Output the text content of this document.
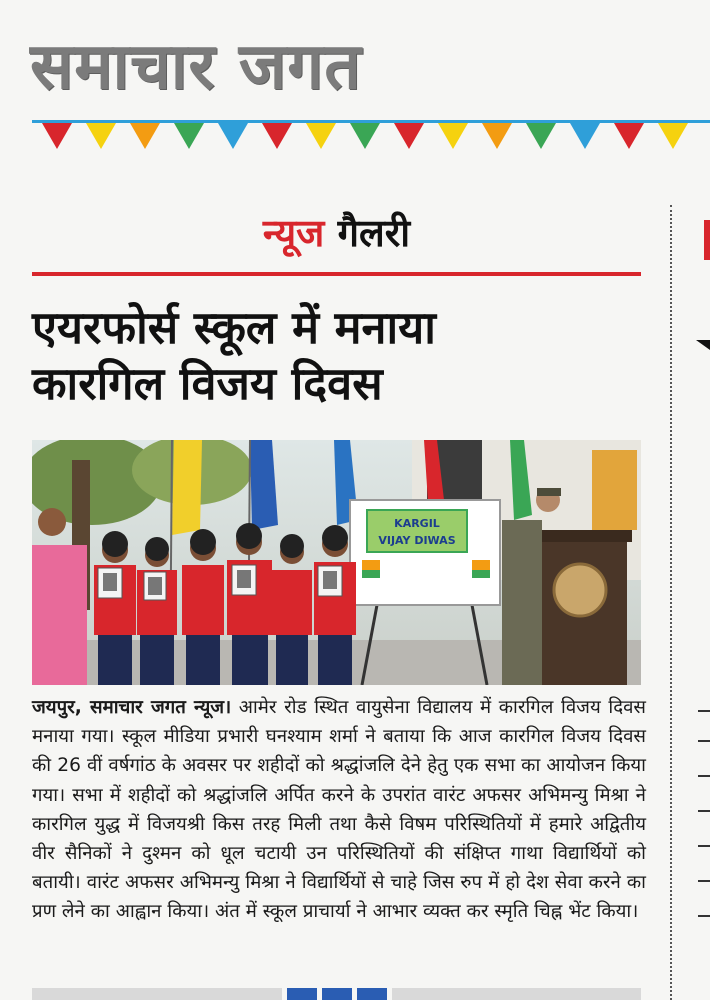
समाचार जगत
न्यूज गैलरी
एयरफोर्स स्कूल में मनाया
कारगिल विजय दिवस
KARGIL
VIJAY DIWAS
जयपुर, समाचार जगत न्यूज। आमेर रोड स्थित वायुसेना विद्यालय में कारगिल विजय दिवस मनाया गया। स्कूल मीडिया प्रभारी घनश्याम शर्मा ने बताया कि आज कारगिल विजय दिवस की 26 वीं वर्षगांठ के अवसर पर शहीदों को श्रद्धांजलि देने हेतु एक सभा का आयोजन किया गया। सभा में शहीदों को श्रद्धांजलि अर्पित करने के उपरांत वारंट अफसर अभिमन्यु मिश्रा ने कारगिल युद्ध में विजयश्री किस तरह मिली तथा कैसे विषम परिस्थितियों में हमारे अद्वितीय वीर सैनिकों ने दुश्मन को धूल चटायी उन परिस्थितियों की संक्षिप्त गाथा विद्यार्थियों को बतायी। वारंट अफसर अभिमन्यु मिश्रा ने विद्यार्थियों से चाहे जिस रुप में हो देश सेवा करने का प्रण लेने का आह्वान किया। अंत में स्कूल प्राचार्या ने आभार व्यक्त कर स्मृति चिह्न भेंट किया।
